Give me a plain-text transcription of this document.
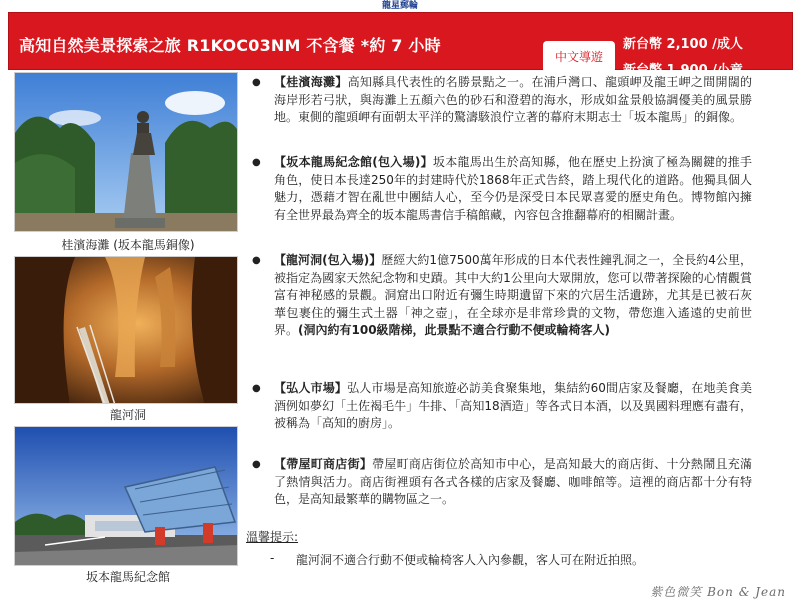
龍星郵輪
高知自然美景探索之旅 R1KOC03NM 不含餐 *約 7 小時
中文導遊
新台幣 2,100 /成人
新台幣 1,900 /小童
桂濱海灘 (坂本龍馬銅像)
龍河洞
坂本龍馬紀念館
● 【桂濱海灘】高知縣具代表性的名勝景點之一。在浦戶灣口、龍頭岬及龍王岬之間開闊的海岸形若弓狀，與海灘上五顏六色的砂石和澄碧的海水，形成如盆景般協調優美的風景勝地。東側的龍頭岬有面朝太平洋的驚濤駭浪佇立著的幕府末期志士「坂本龍馬」的銅像。
● 【坂本龍馬紀念館(包入場)】坂本龍馬出生於高知縣，他在歷史上扮演了極為關鍵的推手角色，使日本長達250年的封建時代於1868年正式告終，踏上現代化的道路。他獨具個人魅力，憑藉才智在亂世中團結人心，至今仍是深受日本民眾喜愛的歷史角色。博物館內擁有全世界最為齊全的坂本龍馬書信手稿館藏，內容包含推翻幕府的相關計畫。
● 【龍河洞(包入場)】歷經大約1億7500萬年形成的日本代表性鐘乳洞之一，全長約4公里，被指定為國家天然紀念物和史蹟。其中大約1公里向大眾開放，您可以帶著探險的心情觀賞富有神秘感的景觀。洞窟出口附近有彌生時期遺留下來的穴居生活遺跡，尤其是已被石灰華包裹住的彌生式土器「神之壺」，在全球亦是非常珍貴的文物，帶您進入遙遠的史前世界。(洞內約有100級階梯，此景點不適合行動不便或輪椅客人)
● 【弘人市場】弘人市場是高知旅遊必訪美食聚集地，集結約60間店家及餐廳，在地美食美酒例如夢幻「土佐褐毛牛」牛排、「高知18酒造」等各式日本酒，以及異國料理應有盡有，被稱為「高知的廚房」。
● 【帶屋町商店街】帶屋町商店街位於高知市中心，是高知最大的商店街、十分熱鬧且充滿了熱情與活力。商店街裡頭有各式各樣的店家及餐廳、咖啡館等。這裡的商店都十分有特色，是高知最繁華的購物區之一。
溫馨提示:
- 龍河洞不適合行動不便或輪椅客人入內參觀，客人可在附近拍照。
紫色微笑 Bon & Jean
